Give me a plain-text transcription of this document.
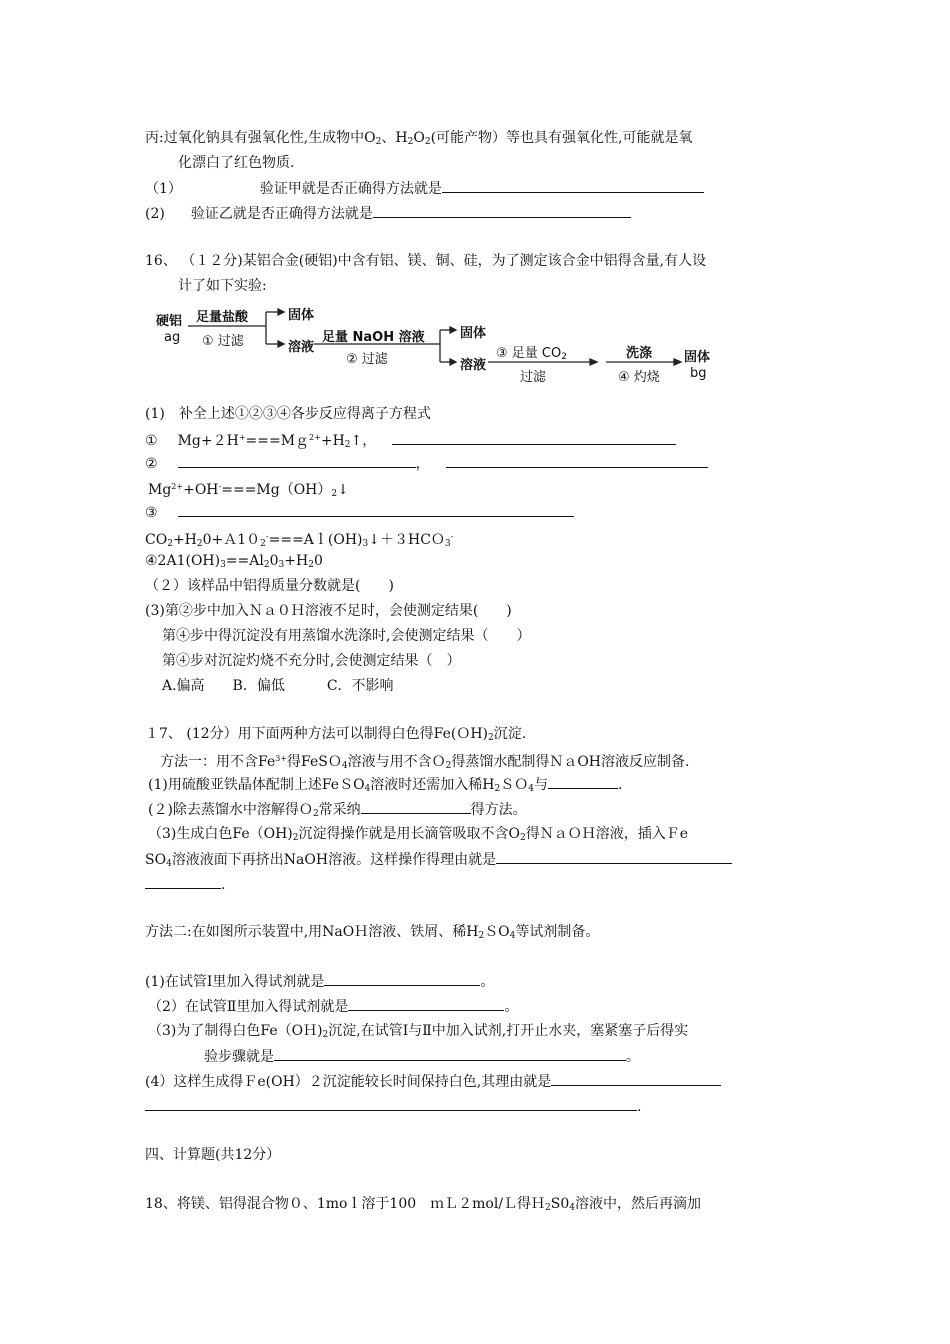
丙:过氧化钠具有强氧化性,生成物中$O_2$、$H_2O_2$(可能产物）等也具有强氧化性,可能就是氧
化漂白了红色物质.
（1）	验证甲就是否正确得方法就是
(2) 验证乙就是否正确得方法就是
16、 （１２分)某铝合金(硬铝)中含有铝、镁、铜、硅，为了测定该合金中铝得含量,有人设
计了如下实验:
硬铝
ag
足量盐酸
① 过滤
固体
溶液
足量 NaOH 溶液
② 过滤
固体
溶液
③ 足量 $CO_2$
过滤
洗涤
④ 灼烧
固体
bg
(1)　补全上述①②③④各步反应得离子方程式
① $Mg+2H^+===Mg^{2+}+H_2↑$，
②	，
$Mg^{2+}+OH^-===Mg(OH)_2↓$
③
$CO_2+H_20+A10_2^-===Al(OH)_3↓+3HCO_3^-$
$④2A1(OH)_3==Al_20_3+H_20$
（２）该样品中铝得质量分数就是(　　)
(3)第②步中加入Ｎａ０Ｈ溶液不足时，会使测定结果(　　)
第④步中得沉淀没有用蒸馏水洗涤时,会使测定结果（　　）
第④步对沉淀灼烧不充分时,会使测定结果（　）
A.偏高　　B．偏低　　　C．不影响
１7、 (12分）用下面两种方法可以制得白色得$Fe(OH)_2$沉淀.
方法一：用不含$Fe^{3+}$得FeSＯ$_4$溶液与用不含Ｏ$_2$得蒸馏水配制得ＮａOH溶液反应制备.
(1)用硫酸亚铁晶体配制上述FeＳO$_4$溶液时还需加入稀$H_2SO_4$与	.
(２)除去蒸馏水中溶解得Ｏ$_2$常采纳	得方法。
（3)生成白色$Fe(OH)_2$沉淀得操作就是用长滴管吸取不含$O_2$得ＮａＯＨ溶液，插入Ｆe
$SO_4$溶液液面下再挤出NaOH溶液。这样操作得理由就是
.
方法二:在如图所示装置中,用NaOＨ溶液、铁屑、稀$H_2SO_4$等试剂制备。
(1)在试管Ⅰ里加入得试剂就是	。
（2）在试管Ⅱ里加入得试剂就是	。
（3)为了制得白色$Fe(OH)_2$沉淀,在试管Ⅰ与Ⅱ中加入试剂,打开止水夹，塞紧塞子后得实
验步骤就是	。
(4）这样生成得Ｆe(OH）２沉淀能较长时间保持白色,其理由就是
.
四、计算题(共12分）
18、将镁、铝得混合物０、1moｌ溶于100　ｍＬ２mol/Ｌ得$H_2S0_4$溶液中，然后再滴加
